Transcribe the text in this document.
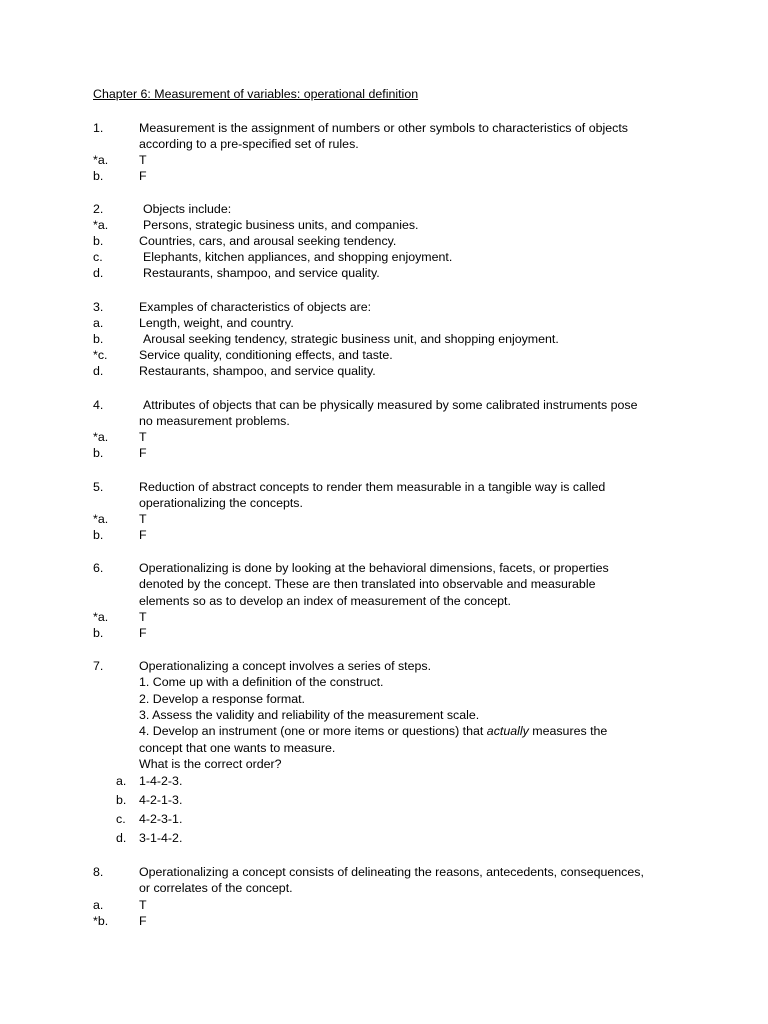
Chapter 6: Measurement of variables: operational definition
1.	Measurement is the assignment of numbers or other symbols to characteristics of objects
according to a pre-specified set of rules.
*a. T
b.	F
2.	Objects include:
*a.	Persons, strategic business units, and companies.
b.	Countries, cars, and arousal seeking tendency.
c.	Elephants, kitchen appliances, and shopping enjoyment.
d.	Restaurants, shampoo, and service quality.
3.	Examples of characteristics of objects are:
a.	Length, weight, and country.
b.	Arousal seeking tendency, strategic business unit, and shopping enjoyment.
*c.	Service quality, conditioning effects, and taste.
d.	Restaurants, shampoo, and service quality.
4.	Attributes of objects that can be physically measured by some calibrated instruments pose
no measurement problems.
*a. T
b.	F
5.	Reduction of abstract concepts to render them measurable in a tangible way is called
operationalizing the concepts.
*a. T
b.	F
6.	Operationalizing is done by looking at the behavioral dimensions, facets, or properties
denoted by the concept. These are then translated into observable and measurable
elements so as to develop an index of measurement of the concept.
*a. T
b.	F
7.	Operationalizing a concept involves a series of steps.
1. Come up with a definition of the construct.
2. Develop a response format.
3. Assess the validity and reliability of the measurement scale.
4. Develop an instrument (one or more items or questions) that actually measures the
concept that one wants to measure.
What is the correct order?
a. 1-4-2-3.
b. 4-2-1-3.
c. 4-2-3-1.
d. 3-1-4-2.
8.	Operationalizing a concept consists of delineating the reasons, antecedents, consequences,
or correlates of the concept.
a.	T
*b. F
